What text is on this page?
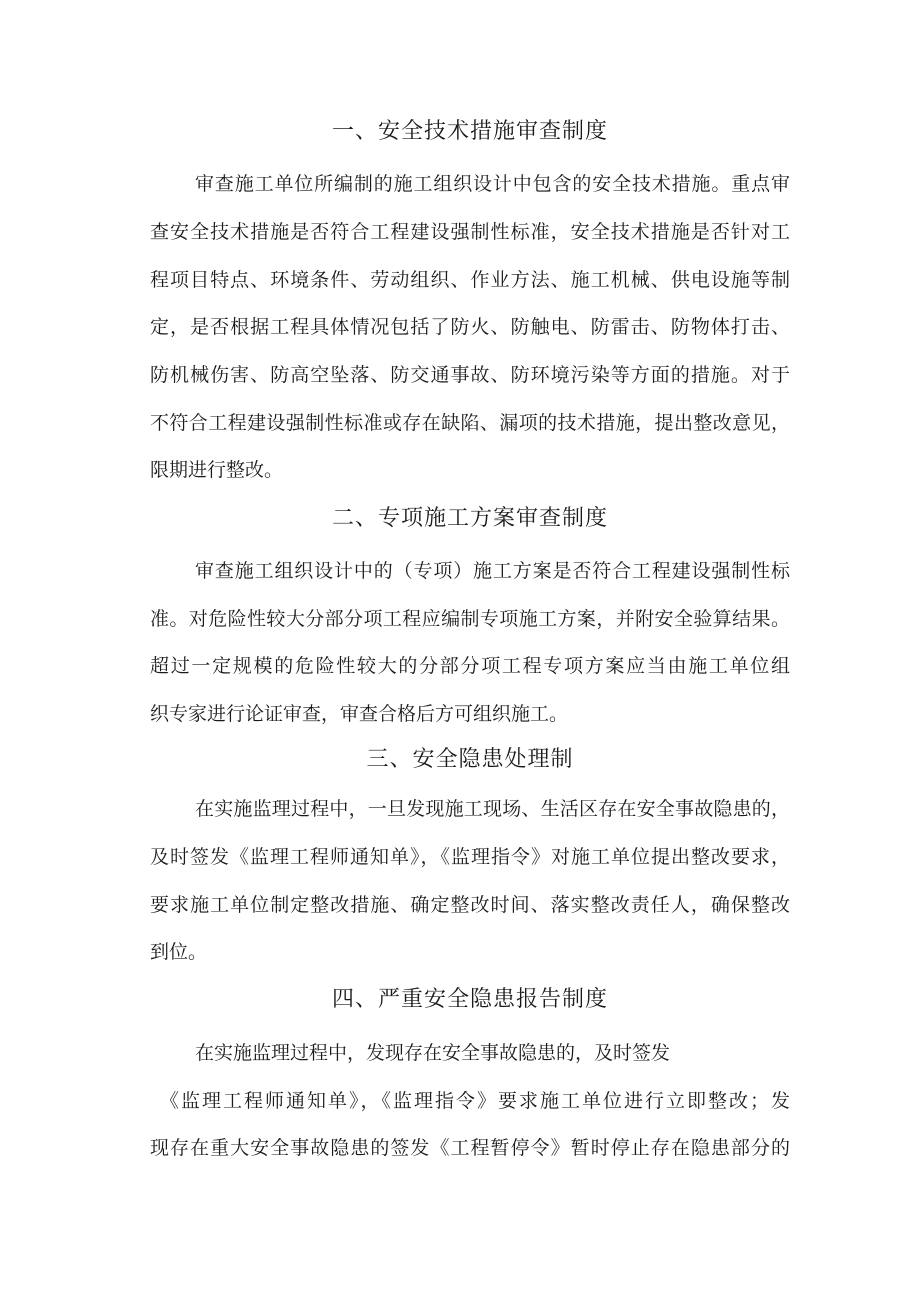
一、安全技术措施审查制度
审查施工单位所编制的施工组织设计中包含的安全技术措施。重点审
查安全技术措施是否符合工程建设强制性标准，安全技术措施是否针对工
程项目特点、环境条件、劳动组织、作业方法、施工机械、供电设施等制
定，是否根据工程具体情况包括了防火、防触电、防雷击、防物体打击、
防机械伤害、防高空坠落、防交通事故、防环境污染等方面的措施。对于
不符合工程建设强制性标准或存在缺陷、漏项的技术措施，提出整改意见，
限期进行整改。
二、专项施工方案审查制度
审查施工组织设计中的（专项）施工方案是否符合工程建设强制性标
准。对危险性较大分部分项工程应编制专项施工方案，并附安全验算结果。
超过一定规模的危险性较大的分部分项工程专项方案应当由施工单位组
织专家进行论证审查，审查合格后方可组织施工。
三、安全隐患处理制
在实施监理过程中，一旦发现施工现场、生活区存在安全事故隐患的，
及时签发《监理工程师通知单》，《监理指令》对施工单位提出整改要求，
要求施工单位制定整改措施、确定整改时间、落实整改责任人，确保整改
到位。
四、严重安全隐患报告制度
在实施监理过程中，发现存在安全事故隐患的，及时签发
《监理工程师通知单》，《监理指令》要求施工单位进行立即整改；发
现存在重大安全事故隐患的签发《工程暂停令》暂时停止存在隐患部分的
